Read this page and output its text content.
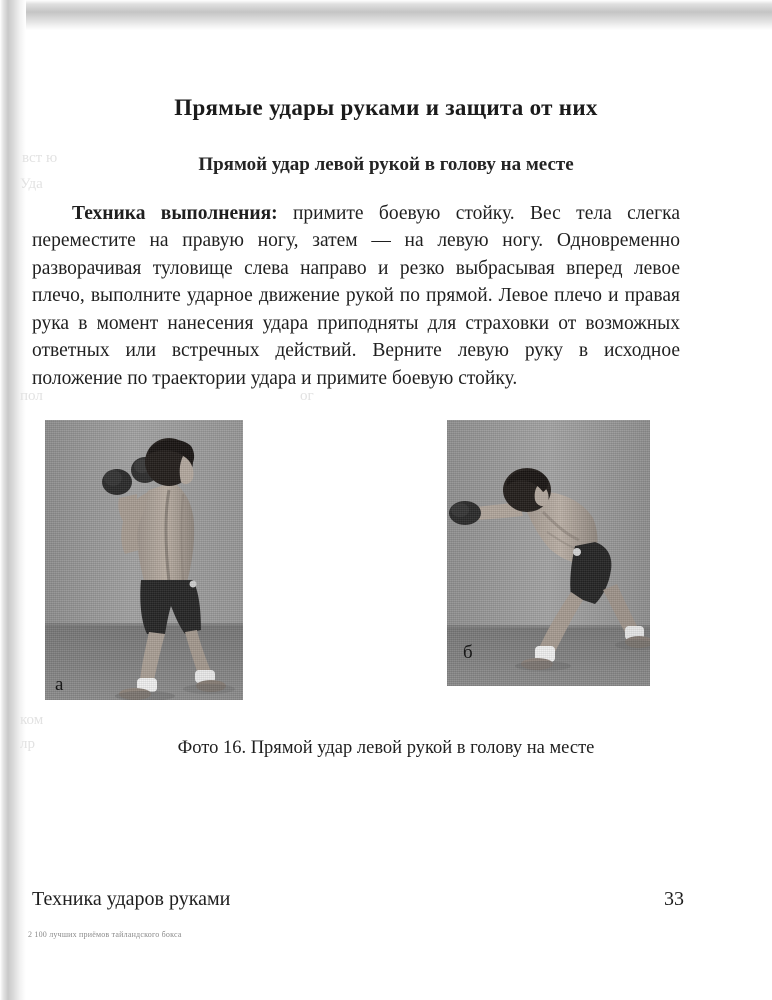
вст ю
Уда
пол	ог
ком
лр
Прямые удары руками и защита от них
Прямой удар левой рукой в голову на месте

Техника выполнения: примите боевую стойку. Вес тела слегка переместите на правую ногу, затем — на левую ногу. Одновременно разворачивая туловище слева направо и резко выбрасывая вперед левое плечо, выполните ударное движение рукой по прямой. Левое плечо и правая рука в момент нанесения удара приподняты для страховки от возможных ответных или встречных действий. Верните левую руку в исходное положение по траектории удара и примите боевую стойку.

а
б
Фото 16. Прямой удар левой рукой в голову на месте
Техника ударов руками	33
2 100 лучших приёмов тайландского бокса
